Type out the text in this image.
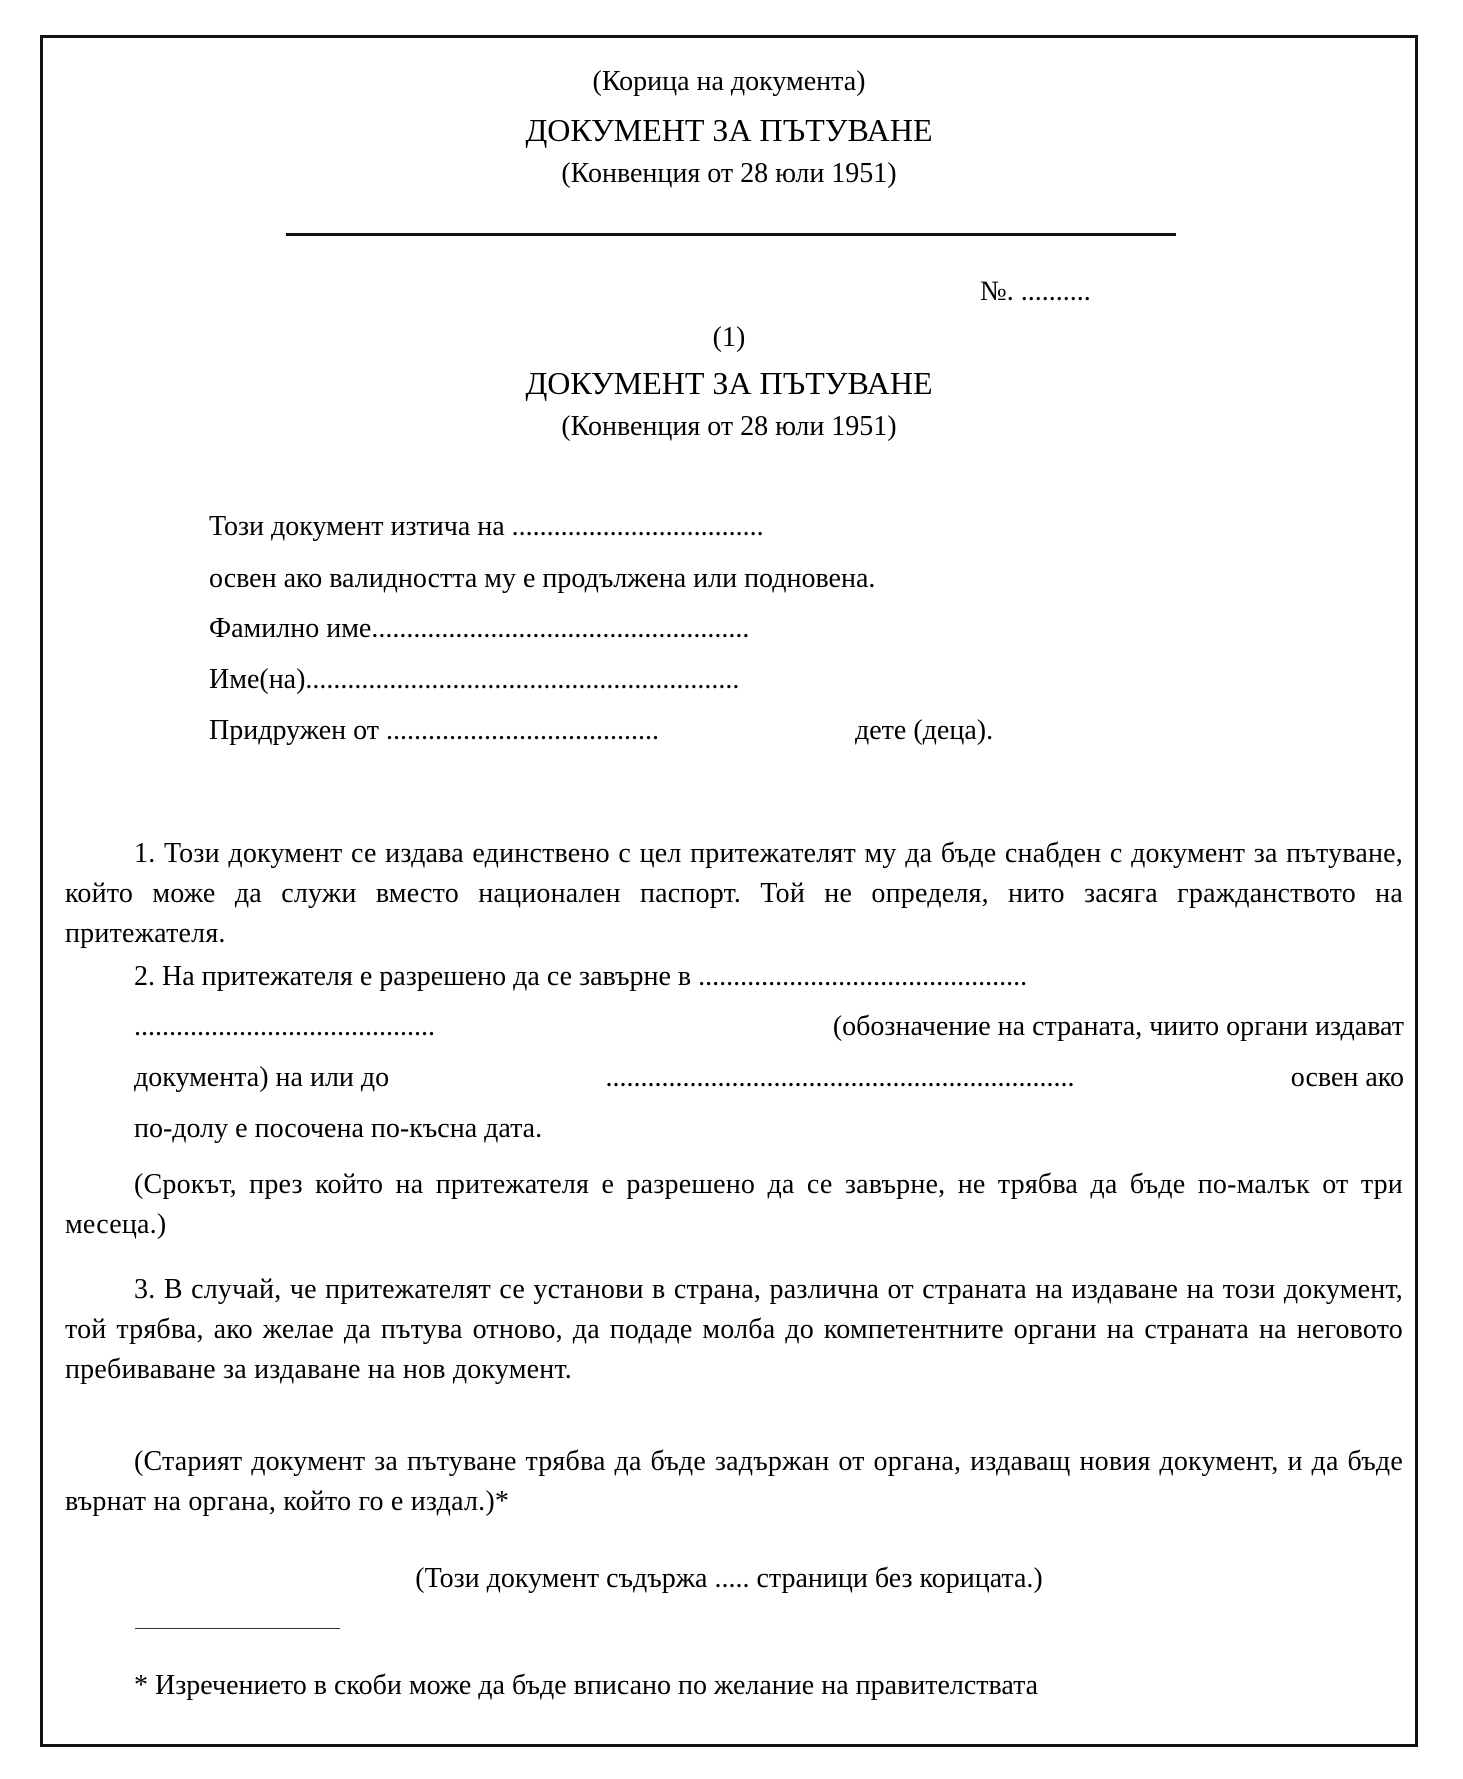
(Корица на документа)
ДОКУМЕНТ ЗА ПЪТУВАНЕ
(Конвенция от 28 юли 1951)
№. ..........
(1)
ДОКУМЕНТ ЗА ПЪТУВАНЕ
(Конвенция от 28 юли 1951)
Този документ изтича на ....................................
освен ако валидността му е продължена или подновена.
Фамилно име......................................................
Име(на)..............................................................
Придружен от .......................................	дете (деца).
1. Този документ се издава единствено с цел притежателят му да бъде снабден с документ за пътуване, който може да служи вместо национален паспорт. Той не определя, нито засяга гражданството на притежателя.
2. На притежателя е разрешено да се завърне в ...............................................
...........................................	(обозначение на страната, чиито органи издават
документа) на или до	...................................................................	освен ако
по-долу е посочена по-късна дата.
(Срокът, през който на притежателя е разрешено да се завърне, не трябва да бъде по-малък от три месеца.)
3. В случай, че притежателят се установи в страна, различна от страната на издаване на този документ, той трябва, ако желае да пътува отново, да подаде молба до компетентните органи на страната на неговото пребиваване за издаване на нов документ.
(Старият документ за пътуване трябва да бъде задържан от органа, издаващ новия документ, и да бъде върнат на органа, който го е издал.)*
(Този документ съдържа ..... страници без корицата.)
* Изречението в скоби може да бъде вписано по желание на правителствата
